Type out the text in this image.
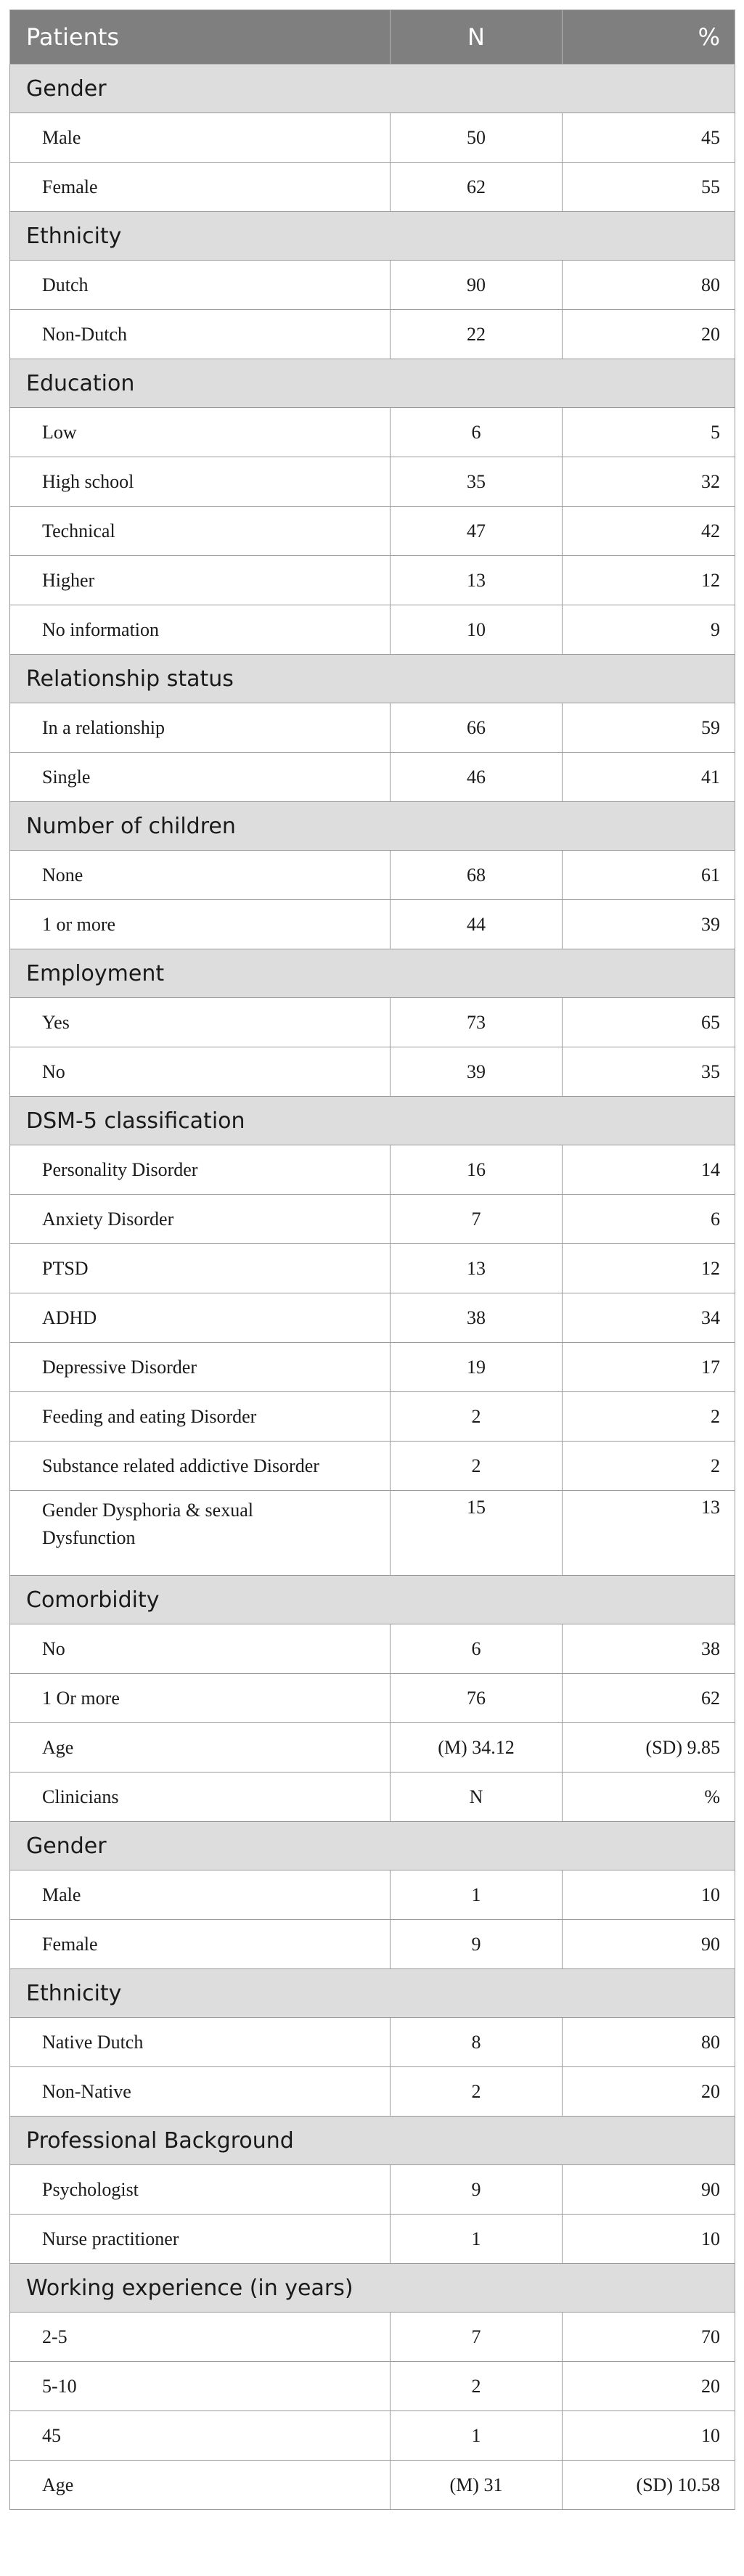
Patients	N	%
Gender		
Male	50	45
Female	62	55
Ethnicity		
Dutch	90	80
Non-Dutch	22	20
Education		
Low	6	5
High school	35	32
Technical	47	42
Higher	13	12
No information	10	9
Relationship status		
In a relationship	66	59
Single	46	41
Number of children		
None	68	61
1 or more	44	39
Employment		
Yes	73	65
No	39	35
DSM-5 classification		
Personality Disorder	16	14
Anxiety Disorder	7	6
PTSD	13	12
ADHD	38	34
Depressive Disorder	19	17
Feeding and eating Disorder	2	2
Substance related addictive Disorder	2	2
Gender Dysphoria & sexual Dysfunction	15	13
Comorbidity		
No	6	38
1 Or more	76	62
Age	(M) 34.12	(SD) 9.85
Clinicians	N	%
Gender		
Male	1	10
Female	9	90
Ethnicity		
Native Dutch	8	80
Non-Native	2	20
Professional Background		
Psychologist	9	90
Nurse practitioner	1	10
Working experience (in years)		
2-5	7	70
5-10	2	20
45	1	10
Age	(M) 31	(SD) 10.58
